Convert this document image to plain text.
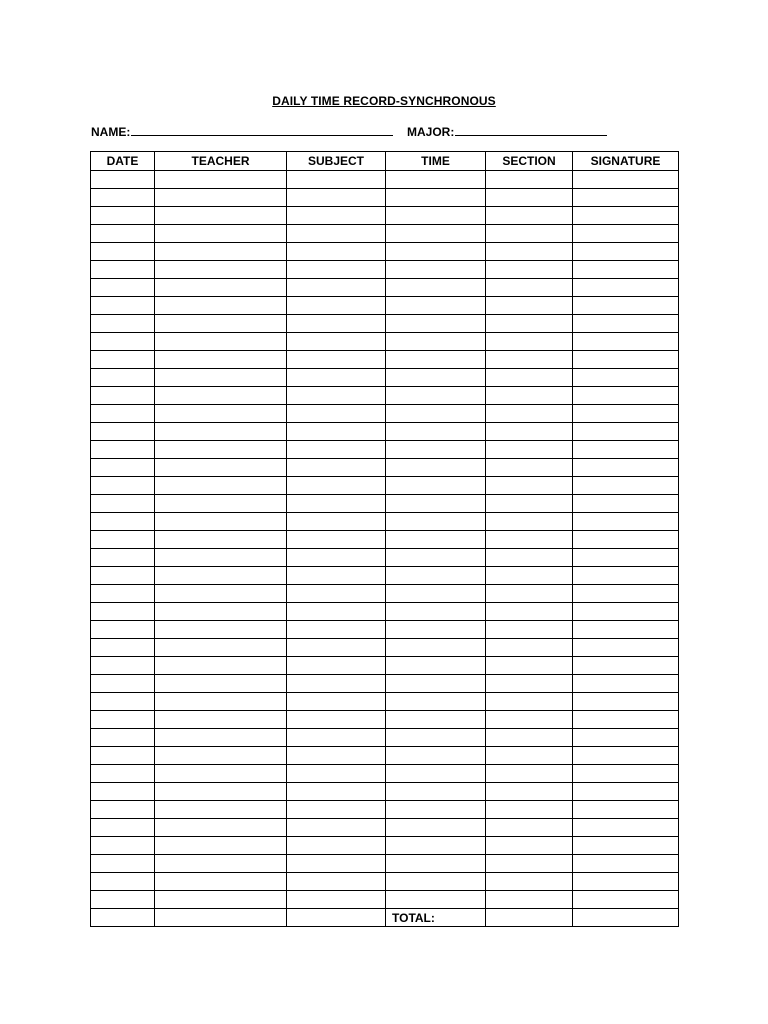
DAILY TIME RECORD-SYNCHRONOUS
NAME:	MAJOR:
DATE	TEACHER	SUBJECT	TIME	SECTION	SIGNATURE

			TOTAL:		
